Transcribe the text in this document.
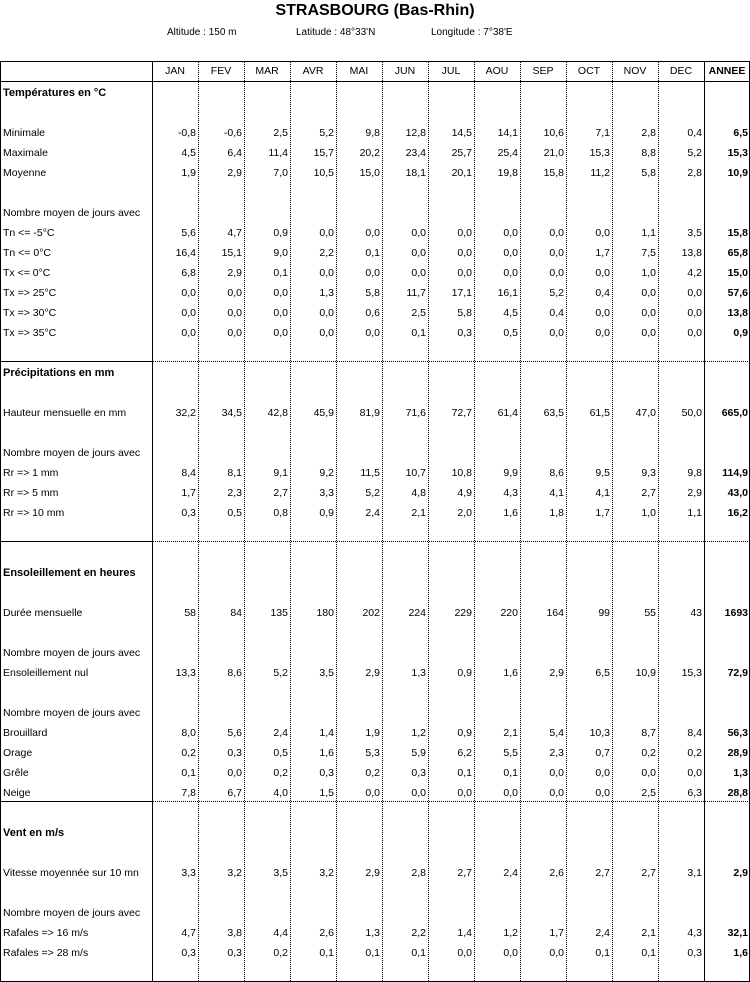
STRASBOURG (Bas-Rhin)
Altitude : 150 m	Latitude : 48°33'N	Longitude : 7°38'E
JAN	FEV	MAR	AVR	MAI	JUN	JUL	AOU	SEP	OCT	NOV	DEC	ANNEE
Températures en °C
Minimale	-0,8	-0,6	2,5	5,2	9,8	12,8	14,5	14,1	10,6	7,1	2,8	0,4	6,5
Maximale	4,5	6,4	11,4	15,7	20,2	23,4	25,7	25,4	21,0	15,3	8,8	5,2	15,3
Moyenne	1,9	2,9	7,0	10,5	15,0	18,1	20,1	19,8	15,8	11,2	5,8	2,8	10,9
Nombre moyen de jours avec
Tn <= -5°C	5,6	4,7	0,9	0,0	0,0	0,0	0,0	0,0	0,0	0,0	1,1	3,5	15,8
Tn <= 0°C	16,4	15,1	9,0	2,2	0,1	0,0	0,0	0,0	0,0	1,7	7,5	13,8	65,8
Tx <= 0°C	6,8	2,9	0,1	0,0	0,0	0,0	0,0	0,0	0,0	0,0	1,0	4,2	15,0
Tx => 25°C	0,0	0,0	0,0	1,3	5,8	11,7	17,1	16,1	5,2	0,4	0,0	0,0	57,6
Tx => 30°C	0,0	0,0	0,0	0,0	0,6	2,5	5,8	4,5	0,4	0,0	0,0	0,0	13,8
Tx => 35°C	0,0	0,0	0,0	0,0	0,0	0,1	0,3	0,5	0,0	0,0	0,0	0,0	0,9
Précipitations en mm
Hauteur mensuelle en mm	32,2	34,5	42,8	45,9	81,9	71,6	72,7	61,4	63,5	61,5	47,0	50,0	665,0
Nombre moyen de jours avec
Rr => 1 mm	8,4	8,1	9,1	9,2	11,5	10,7	10,8	9,9	8,6	9,5	9,3	9,8	114,9
Rr => 5 mm	1,7	2,3	2,7	3,3	5,2	4,8	4,9	4,3	4,1	4,1	2,7	2,9	43,0
Rr => 10 mm	0,3	0,5	0,8	0,9	2,4	2,1	2,0	1,6	1,8	1,7	1,0	1,1	16,2
Ensoleillement en heures
Durée mensuelle	58	84	135	180	202	224	229	220	164	99	55	43	1693
Nombre moyen de jours avec
Ensoleillement nul	13,3	8,6	5,2	3,5	2,9	1,3	0,9	1,6	2,9	6,5	10,9	15,3	72,9
Nombre moyen de jours avec
Brouillard	8,0	5,6	2,4	1,4	1,9	1,2	0,9	2,1	5,4	10,3	8,7	8,4	56,3
Orage	0,2	0,3	0,5	1,6	5,3	5,9	6,2	5,5	2,3	0,7	0,2	0,2	28,9
Grêle	0,1	0,0	0,2	0,3	0,2	0,3	0,1	0,1	0,0	0,0	0,0	0,0	1,3
Neige	7,8	6,7	4,0	1,5	0,0	0,0	0,0	0,0	0,0	0,0	2,5	6,3	28,8
Vent en m/s
Vitesse moyennée sur 10 mn	3,3	3,2	3,5	3,2	2,9	2,8	2,7	2,4	2,6	2,7	2,7	3,1	2,9
Nombre moyen de jours avec
Rafales => 16 m/s	4,7	3,8	4,4	2,6	1,3	2,2	1,4	1,2	1,7	2,4	2,1	4,3	32,1
Rafales => 28 m/s	0,3	0,3	0,2	0,1	0,1	0,1	0,0	0,0	0,0	0,1	0,1	0,3	1,6
